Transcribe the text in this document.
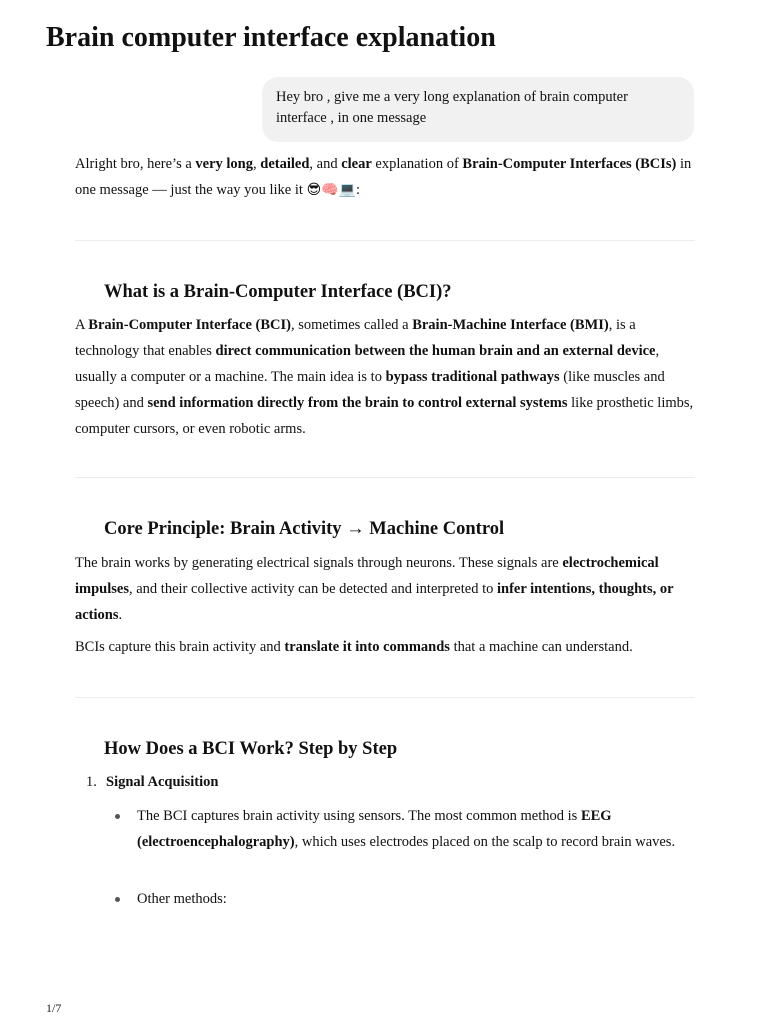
Brain computer interface explanation
Hey bro , give me a very long explanation of brain computer interface , in one message

Alright bro, here’s a very long, detailed, and clear explanation of Brain-Computer Interfaces (BCIs) in one message — just the way you like it 😎🧠💻:

What is a Brain-Computer Interface (BCI)?

A Brain-Computer Interface (BCI), sometimes called a Brain-Machine Interface (BMI), is a technology that enables direct communication between the human brain and an external device, usually a computer or a machine. The main idea is to bypass traditional pathways (like muscles and speech) and send information directly from the brain to control external systems like prosthetic limbs, computer cursors, or even robotic arms.

Core Principle: Brain Activity → Machine Control

The brain works by generating electrical signals through neurons. These signals are electrochemical impulses, and their collective activity can be detected and interpreted to infer intentions, thoughts, or actions.

BCIs capture this brain activity and translate it into commands that a machine can understand.

How Does a BCI Work? Step by Step
1. Signal Acquisition

The BCI captures brain activity using sensors. The most common method is EEG (electroencephalography), which uses electrodes placed on the scalp to record brain waves.

Other methods:

1/7
